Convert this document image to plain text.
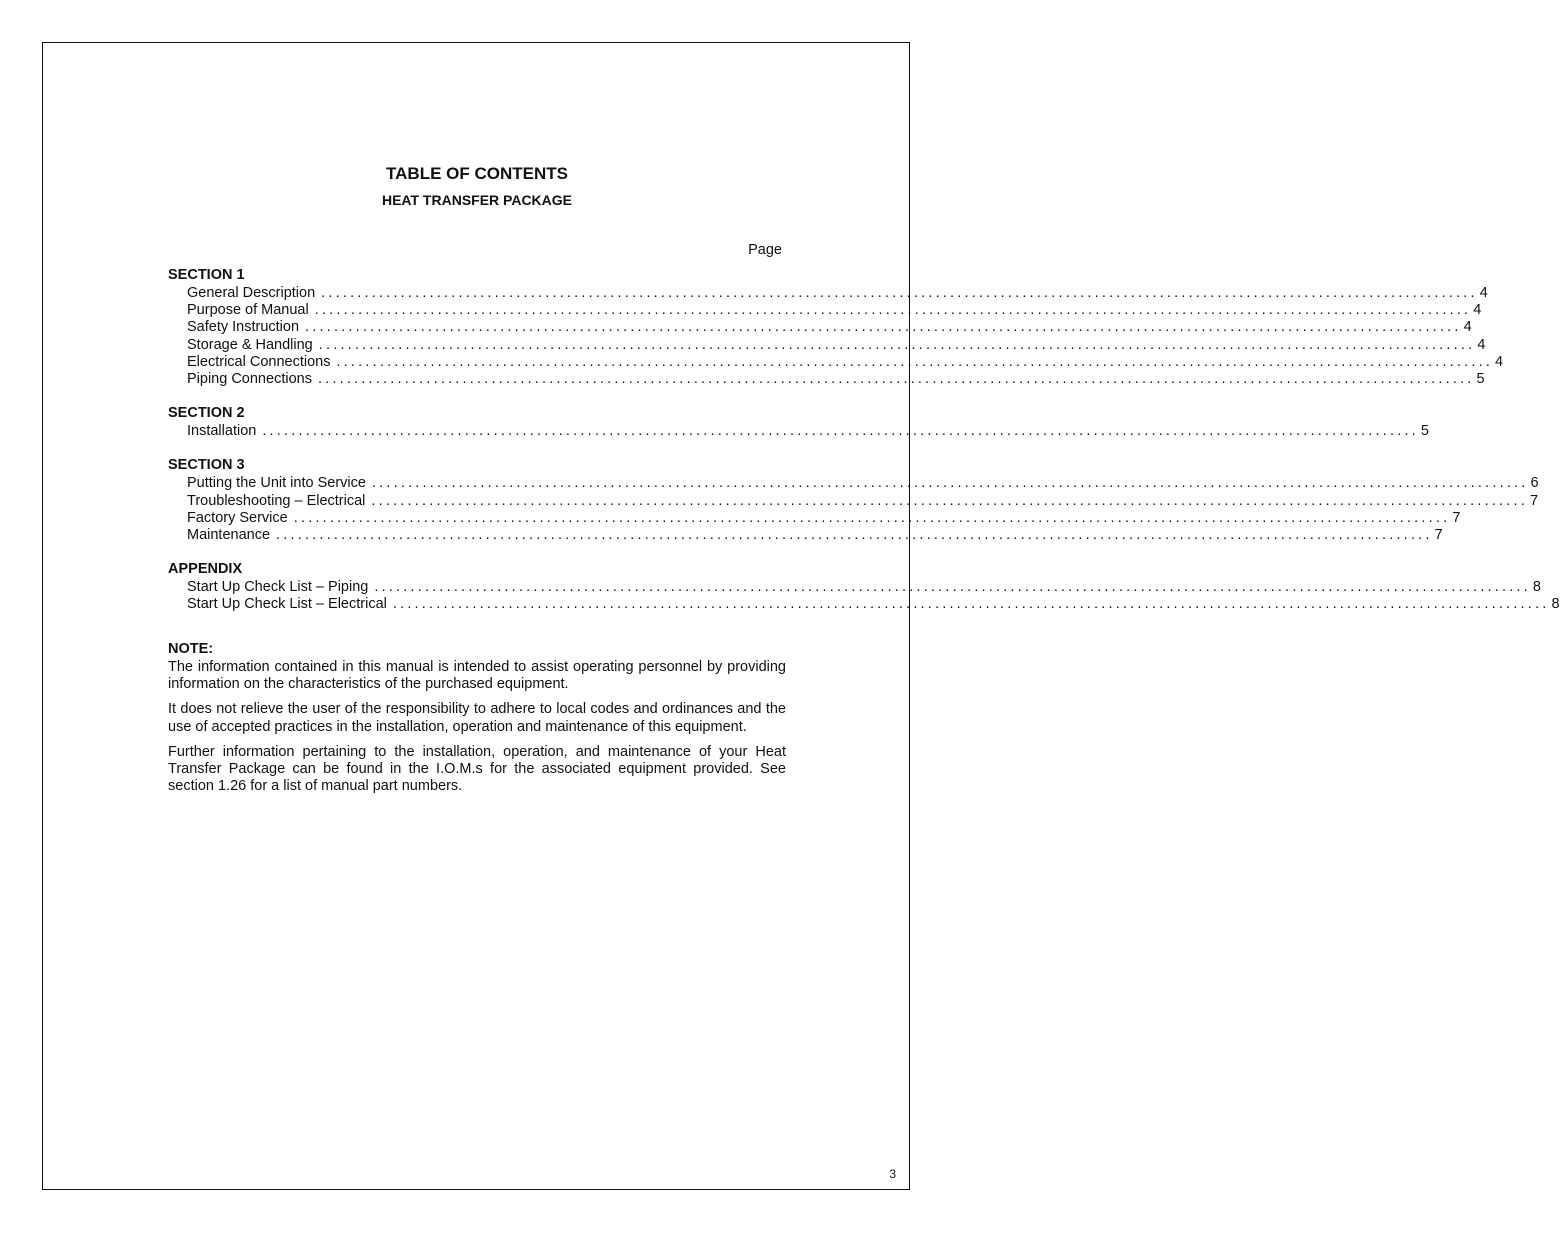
TABLE OF CONTENTS
HEAT TRANSFER PACKAGE
Page
SECTION 1
General Description ................................................................................................................................................................ 4
Purpose of Manual ................................................................................................................................................................ 4
Safety Instruction ................................................................................................................................................................ 4
Storage & Handling ................................................................................................................................................................ 4
Electrical Connections ................................................................................................................................................................ 4
Piping Connections ................................................................................................................................................................ 5
SECTION 2
Installation ................................................................................................................................................................ 5
SECTION 3
Putting the Unit into Service ................................................................................................................................................................ 6
Troubleshooting – Electrical ................................................................................................................................................................ 7
Factory Service ................................................................................................................................................................ 7
Maintenance ................................................................................................................................................................ 7
APPENDIX
Start Up Check List – Piping ................................................................................................................................................................ 8
Start Up Check List – Electrical ................................................................................................................................................................ 8
NOTE:

The information contained in this manual is intended to assist operating personnel by providing information on the characteristics of the purchased equipment.

It does not relieve the user of the responsibility to adhere to local codes and ordinances and the use of accepted practices in the installation, operation and maintenance of this equipment.

Further information pertaining to the installation, operation, and maintenance of your Heat Transfer Package can be found in the I.O.M.s for the associated equipment provided. See section 1.26 for a list of manual part numbers.

3
